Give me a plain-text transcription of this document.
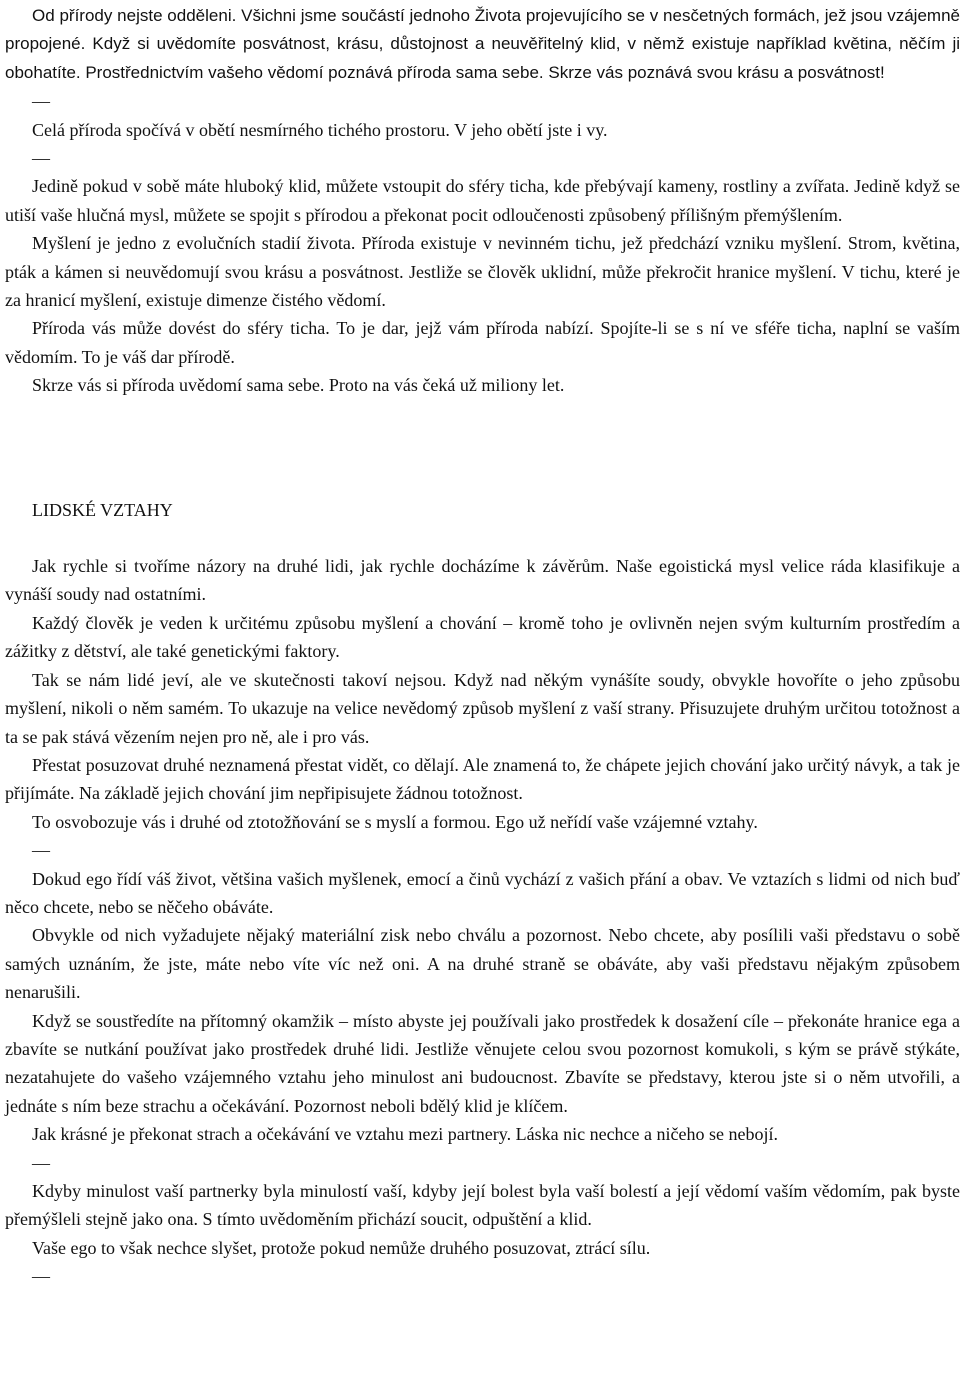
Od přírody nejste odděleni. Všichni jsme součástí jednoho Života projevujícího se v nesčetných formách, jež jsou vzájemně propojené. Když si uvědomíte posvátnost, krásu, důstojnost a neuvěřitelný klid, v němž existuje například květina, něčím ji obohatíte. Prostřednictvím vašeho vědomí poznává příroda sama sebe. Skrze vás poznává svou krásu a posvátnost!

—

Celá příroda spočívá v obětí nesmírného tichého prostoru. V jeho obětí jste i vy.

—

Jedině pokud v sobě máte hluboký klid, můžete vstoupit do sféry ticha, kde přebývají kameny, rostliny a zvířata. Jedině když se utiší vaše hlučná mysl, můžete se spojit s přírodou a překonat pocit odloučenosti způsobený přílišným přemýšlením.

Myšlení je jedno z evolučních stadií života. Příroda existuje v nevinném tichu, jež předchází vzniku myšlení. Strom, květina, pták a kámen si neuvědomují svou krásu a posvátnost. Jestliže se člověk uklidní, může překročit hranice myšlení. V tichu, které je za hranicí myšlení, existuje dimenze čistého vědomí.

Příroda vás může dovést do sféry ticha. To je dar, jejž vám příroda nabízí. Spojíte-li se s ní ve sféře ticha, naplní se vaším vědomím. To je váš dar přírodě.

Skrze vás si příroda uvědomí sama sebe. Proto na vás čeká už miliony let.

LIDSKÉ VZTAHY

Jak rychle si tvoříme názory na druhé lidi, jak rychle docházíme k závěrům. Naše egoistická mysl velice ráda klasifikuje a vynáší soudy nad ostatními.

Každý člověk je veden k určitému způsobu myšlení a chování – kromě toho je ovlivněn nejen svým kulturním prostředím a zážitky z dětství, ale také genetickými faktory.

Tak se nám lidé jeví, ale ve skutečnosti takoví nejsou. Když nad někým vynášíte soudy, obvykle hovoříte o jeho způsobu myšlení, nikoli o něm samém. To ukazuje na velice nevědomý způsob myšlení z vaší strany. Přisuzujete druhým určitou totožnost a ta se pak stává vězením nejen pro ně, ale i pro vás.

Přestat posuzovat druhé neznamená přestat vidět, co dělají. Ale znamená to, že chápete jejich chování jako určitý návyk, a tak je přijímáte. Na základě jejich chování jim nepřipisujete žádnou totožnost.

To osvobozuje vás i druhé od ztotožňování se s myslí a formou. Ego už neřídí vaše vzájemné vztahy.

—

Dokud ego řídí váš život, většina vašich myšlenek, emocí a činů vychází z vašich přání a obav. Ve vztazích s lidmi od nich buď něco chcete, nebo se něčeho obáváte.

Obvykle od nich vyžadujete nějaký materiální zisk nebo chválu a pozornost. Nebo chcete, aby posílili vaši představu o sobě samých uznáním, že jste, máte nebo víte víc než oni. A na druhé straně se obáváte, aby vaši představu nějakým způsobem nenarušili.

Když se soustředíte na přítomný okamžik – místo abyste jej používali jako prostředek k dosažení cíle – překonáte hranice ega a zbavíte se nutkání používat jako prostředek druhé lidi. Jestliže věnujete celou svou pozornost komukoli, s kým se právě stýkáte, nezatahujete do vašeho vzájemného vztahu jeho minulost ani budoucnost. Zbavíte se představy, kterou jste si o něm utvořili, a jednáte s ním beze strachu a očekávání. Pozornost neboli bdělý klid je klíčem.

Jak krásné je překonat strach a očekávání ve vztahu mezi partnery. Láska nic nechce a ničeho se nebojí.

—

Kdyby minulost vaší partnerky byla minulostí vaší, kdyby její bolest byla vaší bolestí a její vědomí vaším vědomím, pak byste přemýšleli stejně jako ona. S tímto uvědoměním přichází soucit, odpuštění a klid.

Vaše ego to však nechce slyšet, protože pokud nemůže druhého posuzovat, ztrácí sílu.

—
